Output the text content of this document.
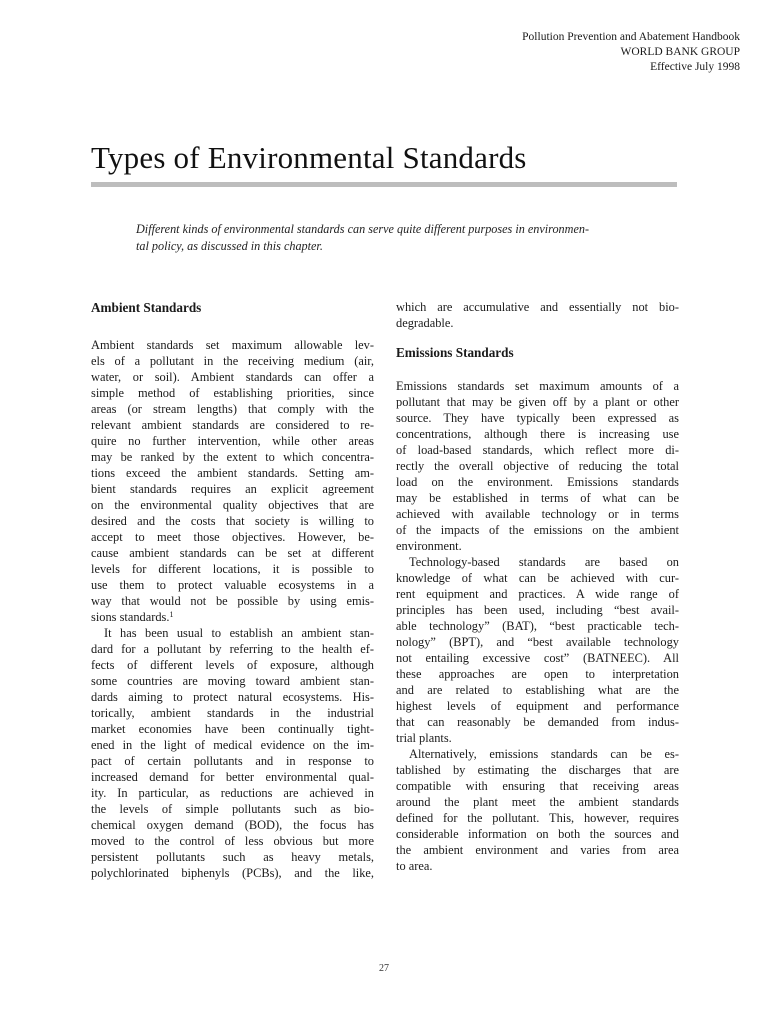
Pollution Prevention and Abatement Handbook
WORLD BANK GROUP
Effective July 1998
Types of Environmental Standards
Different kinds of environmental standards can serve quite different purposes in environmen-
tal policy, as discussed in this chapter.
Ambient Standards

Ambient standards set maximum allowable lev-
els of a pollutant in the receiving medium (air,
water, or soil). Ambient standards can offer a
simple method of establishing priorities, since
areas (or stream lengths) that comply with the
relevant ambient standards are considered to re-
quire no further intervention, while other areas
may be ranked by the extent to which concentra-
tions exceed the ambient standards. Setting am-
bient standards requires an explicit agreement
on the environmental quality objectives that are
desired and the costs that society is willing to
accept to meet those objectives. However, be-
cause ambient standards can be set at different
levels for different locations, it is possible to
use them to protect valuable ecosystems in a
way that would not be possible by using emis-
sions standards.$^1$

It has been usual to establish an ambient stan-
dard for a pollutant by referring to the health ef-
fects of different levels of exposure, although
some countries are moving toward ambient stan-
dards aiming to protect natural ecosystems. His-
torically, ambient standards in the industrial
market economies have been continually tight-
ened in the light of medical evidence on the im-
pact of certain pollutants and in response to
increased demand for better environmental qual-
ity. In particular, as reductions are achieved in
the levels of simple pollutants such as bio-
chemical oxygen demand (BOD), the focus has
moved to the control of less obvious but more
persistent pollutants such as heavy metals,
polychlorinated biphenyls (PCBs), and the like,

which are accumulative and essentially not bio-
degradable.

Emissions Standards

Emissions standards set maximum amounts of a
pollutant that may be given off by a plant or other
source. They have typically been expressed as
concentrations, although there is increasing use
of load-based standards, which reflect more di-
rectly the overall objective of reducing the total
load on the environment. Emissions standards
may be established in terms of what can be
achieved with available technology or in terms
of the impacts of the emissions on the ambient
environment.

Technology-based standards are based on
knowledge of what can be achieved with cur-
rent equipment and practices. A wide range of
principles has been used, including “best avail-
able technology” (BAT), “best practicable tech-
nology” (BPT), and “best available technology
not entailing excessive cost” (BATNEEC). All
these approaches are open to interpretation
and are related to establishing what are the
highest levels of equipment and performance
that can reasonably be demanded from indus-
trial plants.

Alternatively, emissions standards can be es-
tablished by estimating the discharges that are
compatible with ensuring that receiving areas
around the plant meet the ambient standards
defined for the pollutant. This, however, requires
considerable information on both the sources and
the ambient environment and varies from area
to area.

27
